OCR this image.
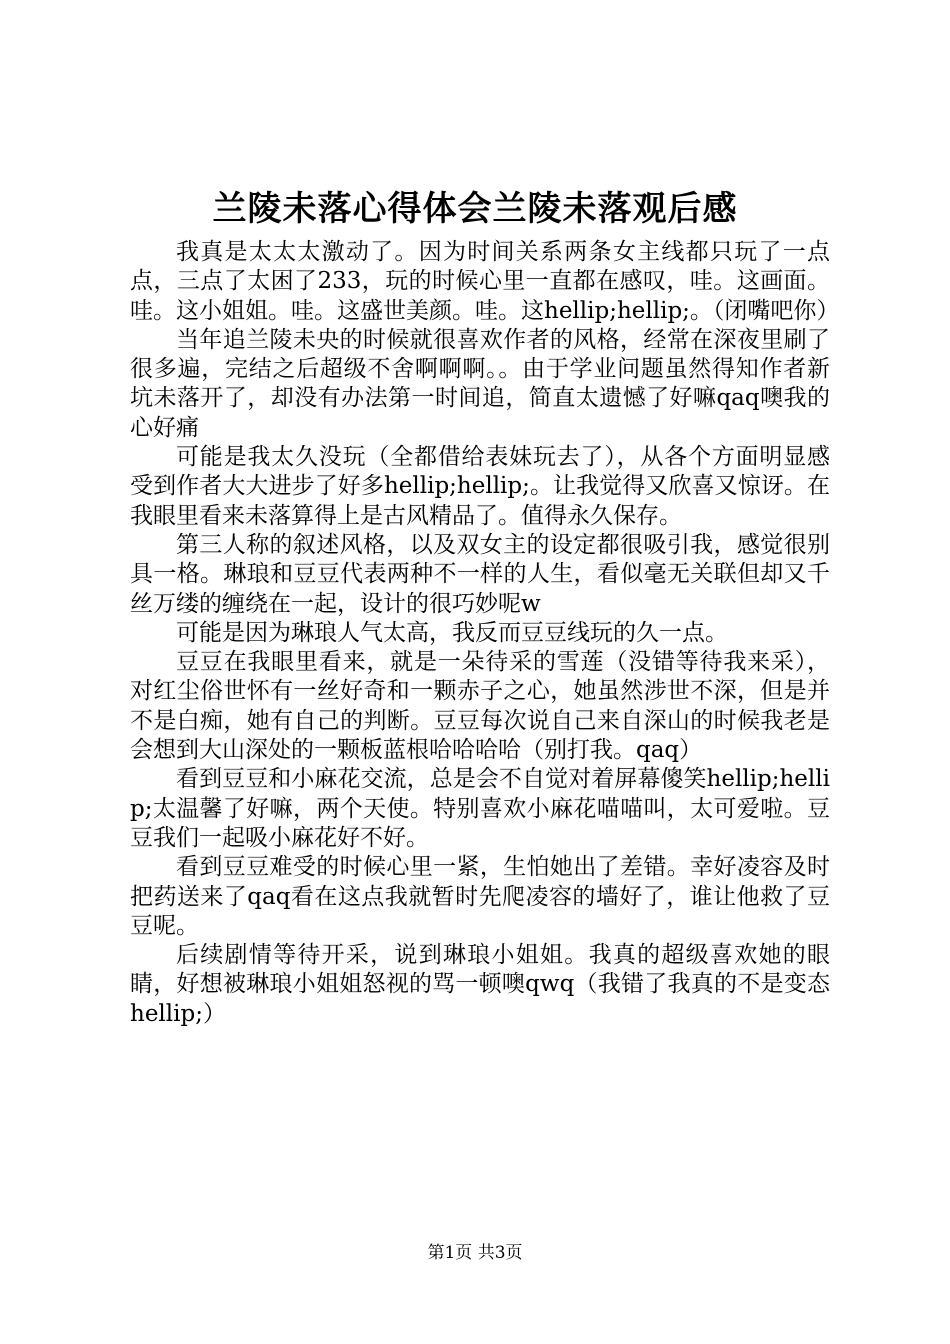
兰陵未落心得体会兰陵未落观后感

我真是太太太激动了。因为时间关系两条女主线都只玩了一点点，三点了太困了233，玩的时候心里一直都在感叹，哇。这画面。哇。这小姐姐。哇。这盛世美颜。哇。这hellip;hellip;。（闭嘴吧你）

当年追兰陵未央的时候就很喜欢作者的风格，经常在深夜里刷了很多遍，完结之后超级不舍啊啊啊。。由于学业问题虽然得知作者新坑未落开了，却没有办法第一时间追，简直太遗憾了好嘛qaq噢我的心好痛

可能是我太久没玩（全都借给表妹玩去了），从各个方面明显感受到作者大大进步了好多hellip;hellip;。让我觉得又欣喜又惊讶。在我眼里看来未落算得上是古风精品了。值得永久保存。

第三人称的叙述风格，以及双女主的设定都很吸引我，感觉很别具一格。琳琅和豆豆代表两种不一样的人生，看似毫无关联但却又千丝万缕的缠绕在一起，设计的很巧妙呢w

可能是因为琳琅人气太高，我反而豆豆线玩的久一点。

豆豆在我眼里看来，就是一朵待采的雪莲（没错等待我来采），对红尘俗世怀有一丝好奇和一颗赤子之心，她虽然涉世不深，但是并不是白痴，她有自己的判断。豆豆每次说自己来自深山的时候我老是会想到大山深处的一颗板蓝根哈哈哈哈（别打我。qaq）

看到豆豆和小麻花交流，总是会不自觉对着屏幕傻笑hellip;hellip;太温馨了好嘛，两个天使。特别喜欢小麻花喵喵叫，太可爱啦。豆豆我们一起吸小麻花好不好。

看到豆豆难受的时候心里一紧，生怕她出了差错。幸好凌容及时把药送来了qaq看在这点我就暂时先爬凌容的墙好了，谁让他救了豆豆呢。

后续剧情等待开采，说到琳琅小姐姐。我真的超级喜欢她的眼睛，好想被琳琅小姐姐怒视的骂一顿噢qwq（我错了我真的不是变态hellip;）

第1页 共3页
